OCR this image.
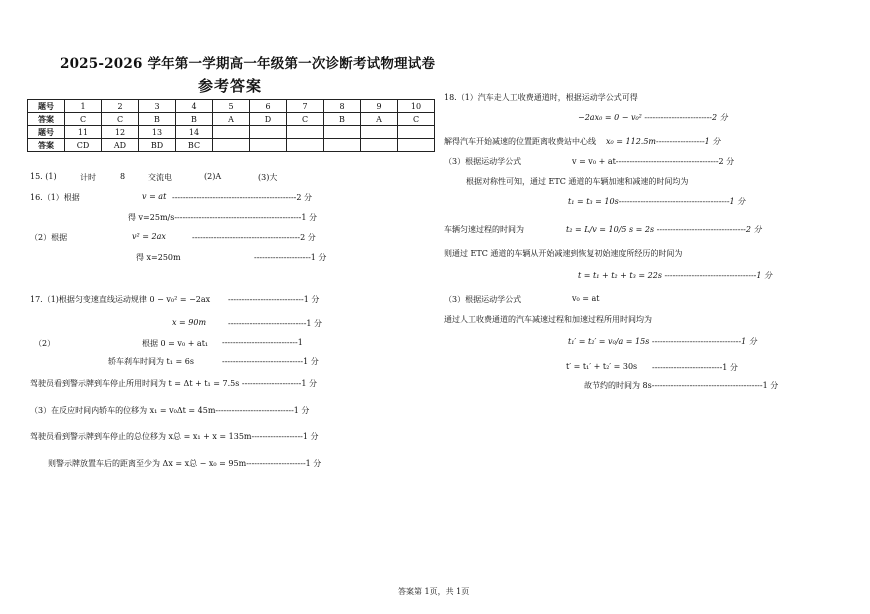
2025-2026 学年第一学期高一年级第一次诊断考试物理试卷
参考答案
题号	1	2	3	4	5	6	7	8	9	10
答案	C	C	B	B	A	D	C	B	A	C
题号	11	12	13	14						
答案	CD	AD	BD	BC						
15. (1)	计时	8	交流电	(2)A	(3)大
16.（1）根据	v = at ----------------------------------------------2 分
得 v=25m/s-----------------------------------------------1 分
（2）根据	v² = 2ax	----------------------------------------2 分
得 x=250m	---------------------1 分
17.（1)根据匀变速直线运动规律 0 − v₀² = −2ax ----------------------------1 分
x = 90m	-----------------------------1 分
（2）	根据 0 = v₀ + at₁ ----------------------------1
轿车刹车时间为 t₁ = 6s	------------------------------1 分
驾驶员看到警示牌到车停止所用时间为 t = Δt + t₁ = 7.5s ----------------------1 分
（3）在反应时间内轿车的位移为 x₁ = v₀Δt = 45m-----------------------------1 分
驾驶员看到警示牌到车停止的总位移为 x总 = x₁ + x = 135m-------------------1 分
则警示牌放置车后的距离至少为 Δx = x总 − x₀ = 95m----------------------1 分
18.（1）汽车走人工收费通道时，根据运动学公式可得
−2ax₀ = 0 − v₀² -------------------------2 分
解得汽车开始减速的位置距离收费站中心线 x₀ = 112.5m------------------1 分
（3）根据运动学公式	v = v₀ + at--------------------------------------2 分
根据对称性可知，通过 ETC 通道的车辆加速和减速的时间均为
t₁ = t₃ = 10s-----------------------------------------1 分
车辆匀速过程的时间为	t₂ = L/v = 10/5 s = 2s ---------------------------------2 分
则通过 ETC 通道的车辆从开始减速到恢复初始速度所经历的时间为
t = t₁ + t₂ + t₃ = 22s ----------------------------------1 分
（3）根据运动学公式	v₀ = at
通过人工收费通道的汽车减速过程和加速过程所用时间均为
t₁′ = t₂′ = v₀/a = 15s ---------------------------------1 分
t′ = t₁′ + t₂′ = 30s --------------------------1 分
故节约的时间为 8s-----------------------------------------1 分
答案第 1页，共 1页
